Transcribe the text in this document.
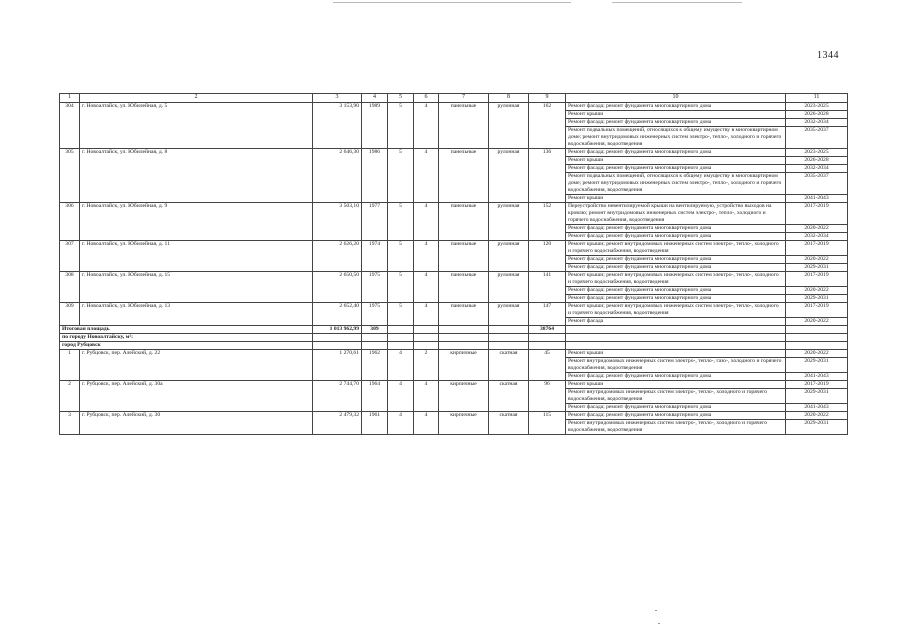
1344
1	2	3	4	5	6	7	8	9	10	11
304	г. Новоалтайск, ул. Юбилейная, д. 5	3 153,90	1989	5	4	панельные	рулонная	162	Ремонт фасада; ремонт фундамента многоквартирного дома	2023-2025
									Ремонт крыши	2026-2028
									Ремонт фасада; ремонт фундамента многоквартирного дома	2032-2034
									Ремонт подвальных помещений, относящихся к общему имуществу в многоквартирном доме; ремонт внутридомовых инженерных систем электро-, тепло-, холодного и горячего водоснабжения, водоотведения	2035-2037
305	г. Новоалтайск, ул. Юбилейная, д. 8	2 646,30	1986	5	4	панельные	рулонная	136	Ремонт фасада; ремонт фундамента многоквартирного дома	2023-2025
									Ремонт крыши	2026-2028
									Ремонт фасада; ремонт фундамента многоквартирного дома	2032-2034
									Ремонт подвальных помещений, относящихся к общему имуществу в многоквартирном доме; ремонт внутридомовых инженерных систем электро-, тепло-, холодного и горячего водоснабжения, водоотведения	2035-2037
									Ремонт крыши	2041-2043
306	г. Новоалтайск, ул. Юбилейная, д. 9	3 503,10	1977	5	4	панельные	рулонная	152	Переустройство невентилируемой крыши на вентилируемую, устройство выходов на кровлю; ремонт внутридомовых инженерных систем электро-, тепло-, холодного и горячего водоснабжения, водоотведения	2017-2019
									Ремонт фасада; ремонт фундамента многоквартирного дома	2020-2022
									Ремонт фасада; ремонт фундамента многоквартирного дома	2032-2034
307	г. Новоалтайск, ул. Юбилейная, д. 11	2 626,20	1974	5	4	панельные	рулонная	120	Ремонт крыши; ремонт внутридомовых инженерных систем электро-, тепло-, холодного и горячего водоснабжения, водоотведения	2017-2019
									Ремонт фасада; ремонт фундамента многоквартирного дома	2020-2022
									Ремонт фасада; ремонт фундамента многоквартирного дома	2029-2031
308	г. Новоалтайск, ул. Юбилейная, д. 15	2 650,50	1975	5	4	панельные	рулонная	141	Ремонт крыши; ремонт внутридомовых инженерных систем электро-, тепло-, холодного и горячего водоснабжения, водоотведения	2017-2019
									Ремонт фасада; ремонт фундамента многоквартирного дома	2020-2022
									Ремонт фасада; ремонт фундамента многоквартирного дома	2029-2031
309	г. Новоалтайск, ул. Юбилейная, д. 13	2 652,40	1975	5	4	панельные	рулонная	147	Ремонт крыши; ремонт внутридомовых инженерных систем электро-, тепло-, холодного и горячего водоснабжения, водоотведения	2017-2019
									Ремонт фасада	2020-2022
Итоговая площадь		1 013 962,99	309					38764		
по городу Новоалтайску, м²:										
город Рубцовск										
1	г. Рубцовск, пер. Алейский, д. 22	1 270,61	1962	4	2	кирпичные	скатная	45	Ремонт крыши	2020-2022
									Ремонт внутридомовых инженерных систем электро-, тепло-, газо-, холодного и горячего водоснабжения, водоотведения	2029-2031
									Ремонт фасада; ремонт фундамента многоквартирного дома	2041-2043
2	г. Рубцовск, пер. Алейский, д. 30а	2 744,70	1964	4	4	кирпичные	скатная	96	Ремонт крыши	2017-2019
									Ремонт внутридомовых инженерных систем электро-, тепло-, холодного и горячего водоснабжения, водоотведения	2029-2031
									Ремонт фасада; ремонт фундамента многоквартирного дома	2041-2043
3	г. Рубцовск, пер. Алейский, д. 30	2 479,32	1961	4	4	кирпичные	скатная	115	Ремонт фасада; ремонт фундамента многоквартирного дома	2020-2022
									Ремонт внутридомовых инженерных систем электро-, тепло-, холодного и горячего водоснабжения, водоотведения	2029-2031
